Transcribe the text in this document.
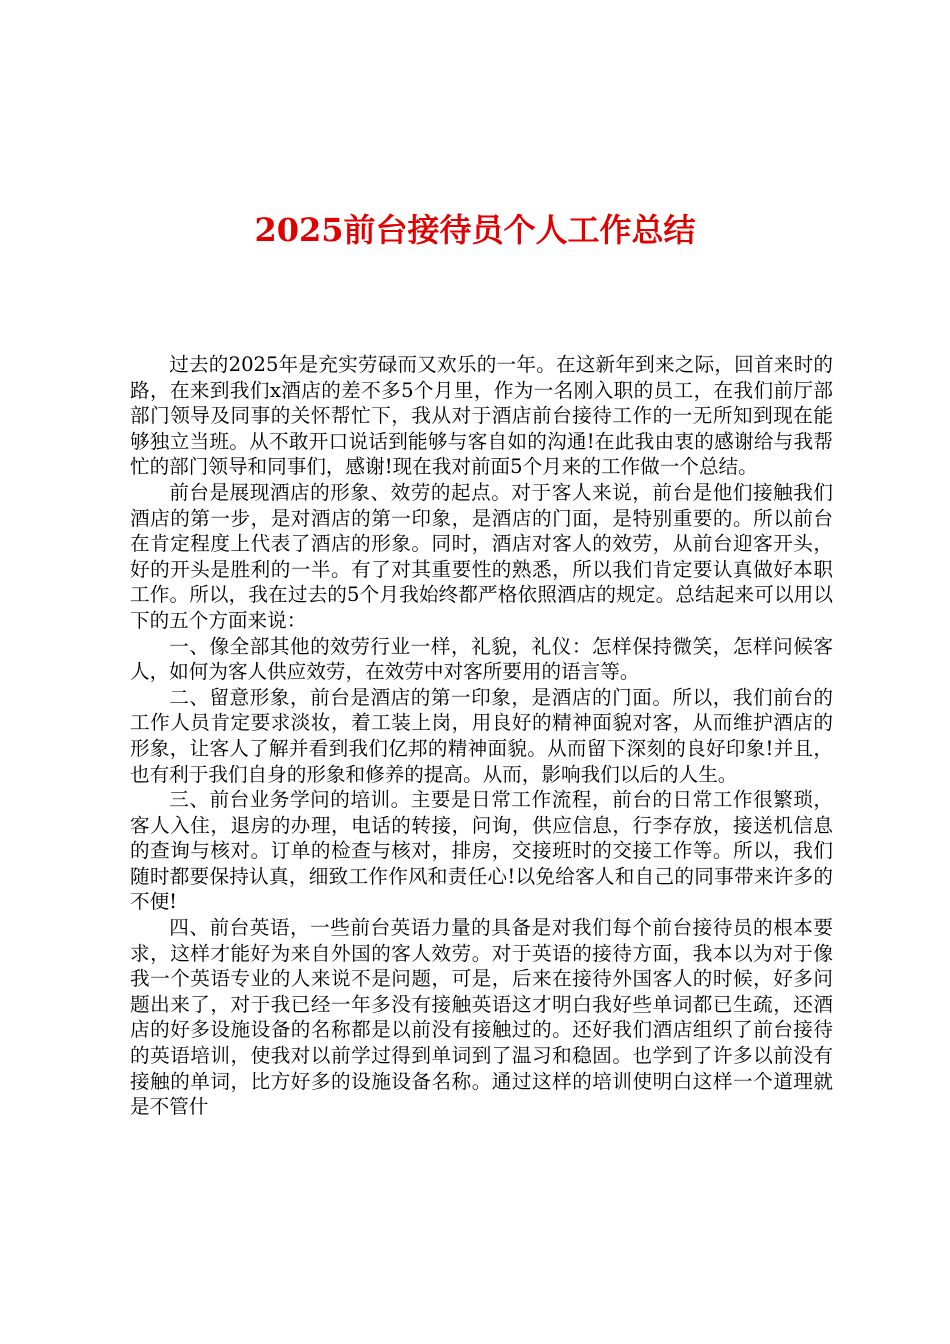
2025前台接待员个人工作总结

过去的2025年是充实劳碌而又欢乐的一年。在这新年到来之际，回首来时的路，在来到我们x酒店的差不多5个月里，作为一名刚入职的员工，在我们前厅部部门领导及同事的关怀帮忙下，我从对于酒店前台接待工作的一无所知到现在能够独立当班。从不敢开口说话到能够与客自如的沟通!在此我由衷的感谢给与我帮忙的部门领导和同事们，感谢!现在我对前面5个月来的工作做一个总结。

前台是展现酒店的形象、效劳的起点。对于客人来说，前台是他们接触我们酒店的第一步，是对酒店的第一印象，是酒店的门面，是特别重要的。所以前台在肯定程度上代表了酒店的形象。同时，酒店对客人的效劳，从前台迎客开头，好的开头是胜利的一半。有了对其重要性的熟悉，所以我们肯定要认真做好本职工作。所以，我在过去的5个月我始终都严格依照酒店的规定。总结起来可以用以下的五个方面来说：

一、像全部其他的效劳行业一样，礼貌，礼仪：怎样保持微笑，怎样问候客人，如何为客人供应效劳，在效劳中对客所要用的语言等。

二、留意形象，前台是酒店的第一印象，是酒店的门面。所以，我们前台的工作人员肯定要求淡妆，着工装上岗，用良好的精神面貌对客，从而维护酒店的形象，让客人了解并看到我们亿邦的精神面貌。从而留下深刻的良好印象!并且，也有利于我们自身的形象和修养的提高。从而，影响我们以后的人生。

三、前台业务学问的培训。主要是日常工作流程，前台的日常工作很繁琐，客人入住，退房的办理，电话的转接，问询，供应信息，行李存放，接送机信息的查询与核对。订单的检查与核对，排房，交接班时的交接工作等。所以，我们随时都要保持认真，细致工作作风和责任心!以免给客人和自己的同事带来许多的不便!

四、前台英语，一些前台英语力量的具备是对我们每个前台接待员的根本要求，这样才能好为来自外国的客人效劳。对于英语的接待方面，我本以为对于像我一个英语专业的人来说不是问题，可是，后来在接待外国客人的时候，好多问题出来了，对于我已经一年多没有接触英语这才明白我好些单词都已生疏，还酒店的好多设施设备的名称都是以前没有接触过的。还好我们酒店组织了前台接待的英语培训，使我对以前学过得到单词到了温习和稳固。也学到了许多以前没有接触的单词，比方好多的设施设备名称。通过这样的培训使明白这样一个道理就是不管什
